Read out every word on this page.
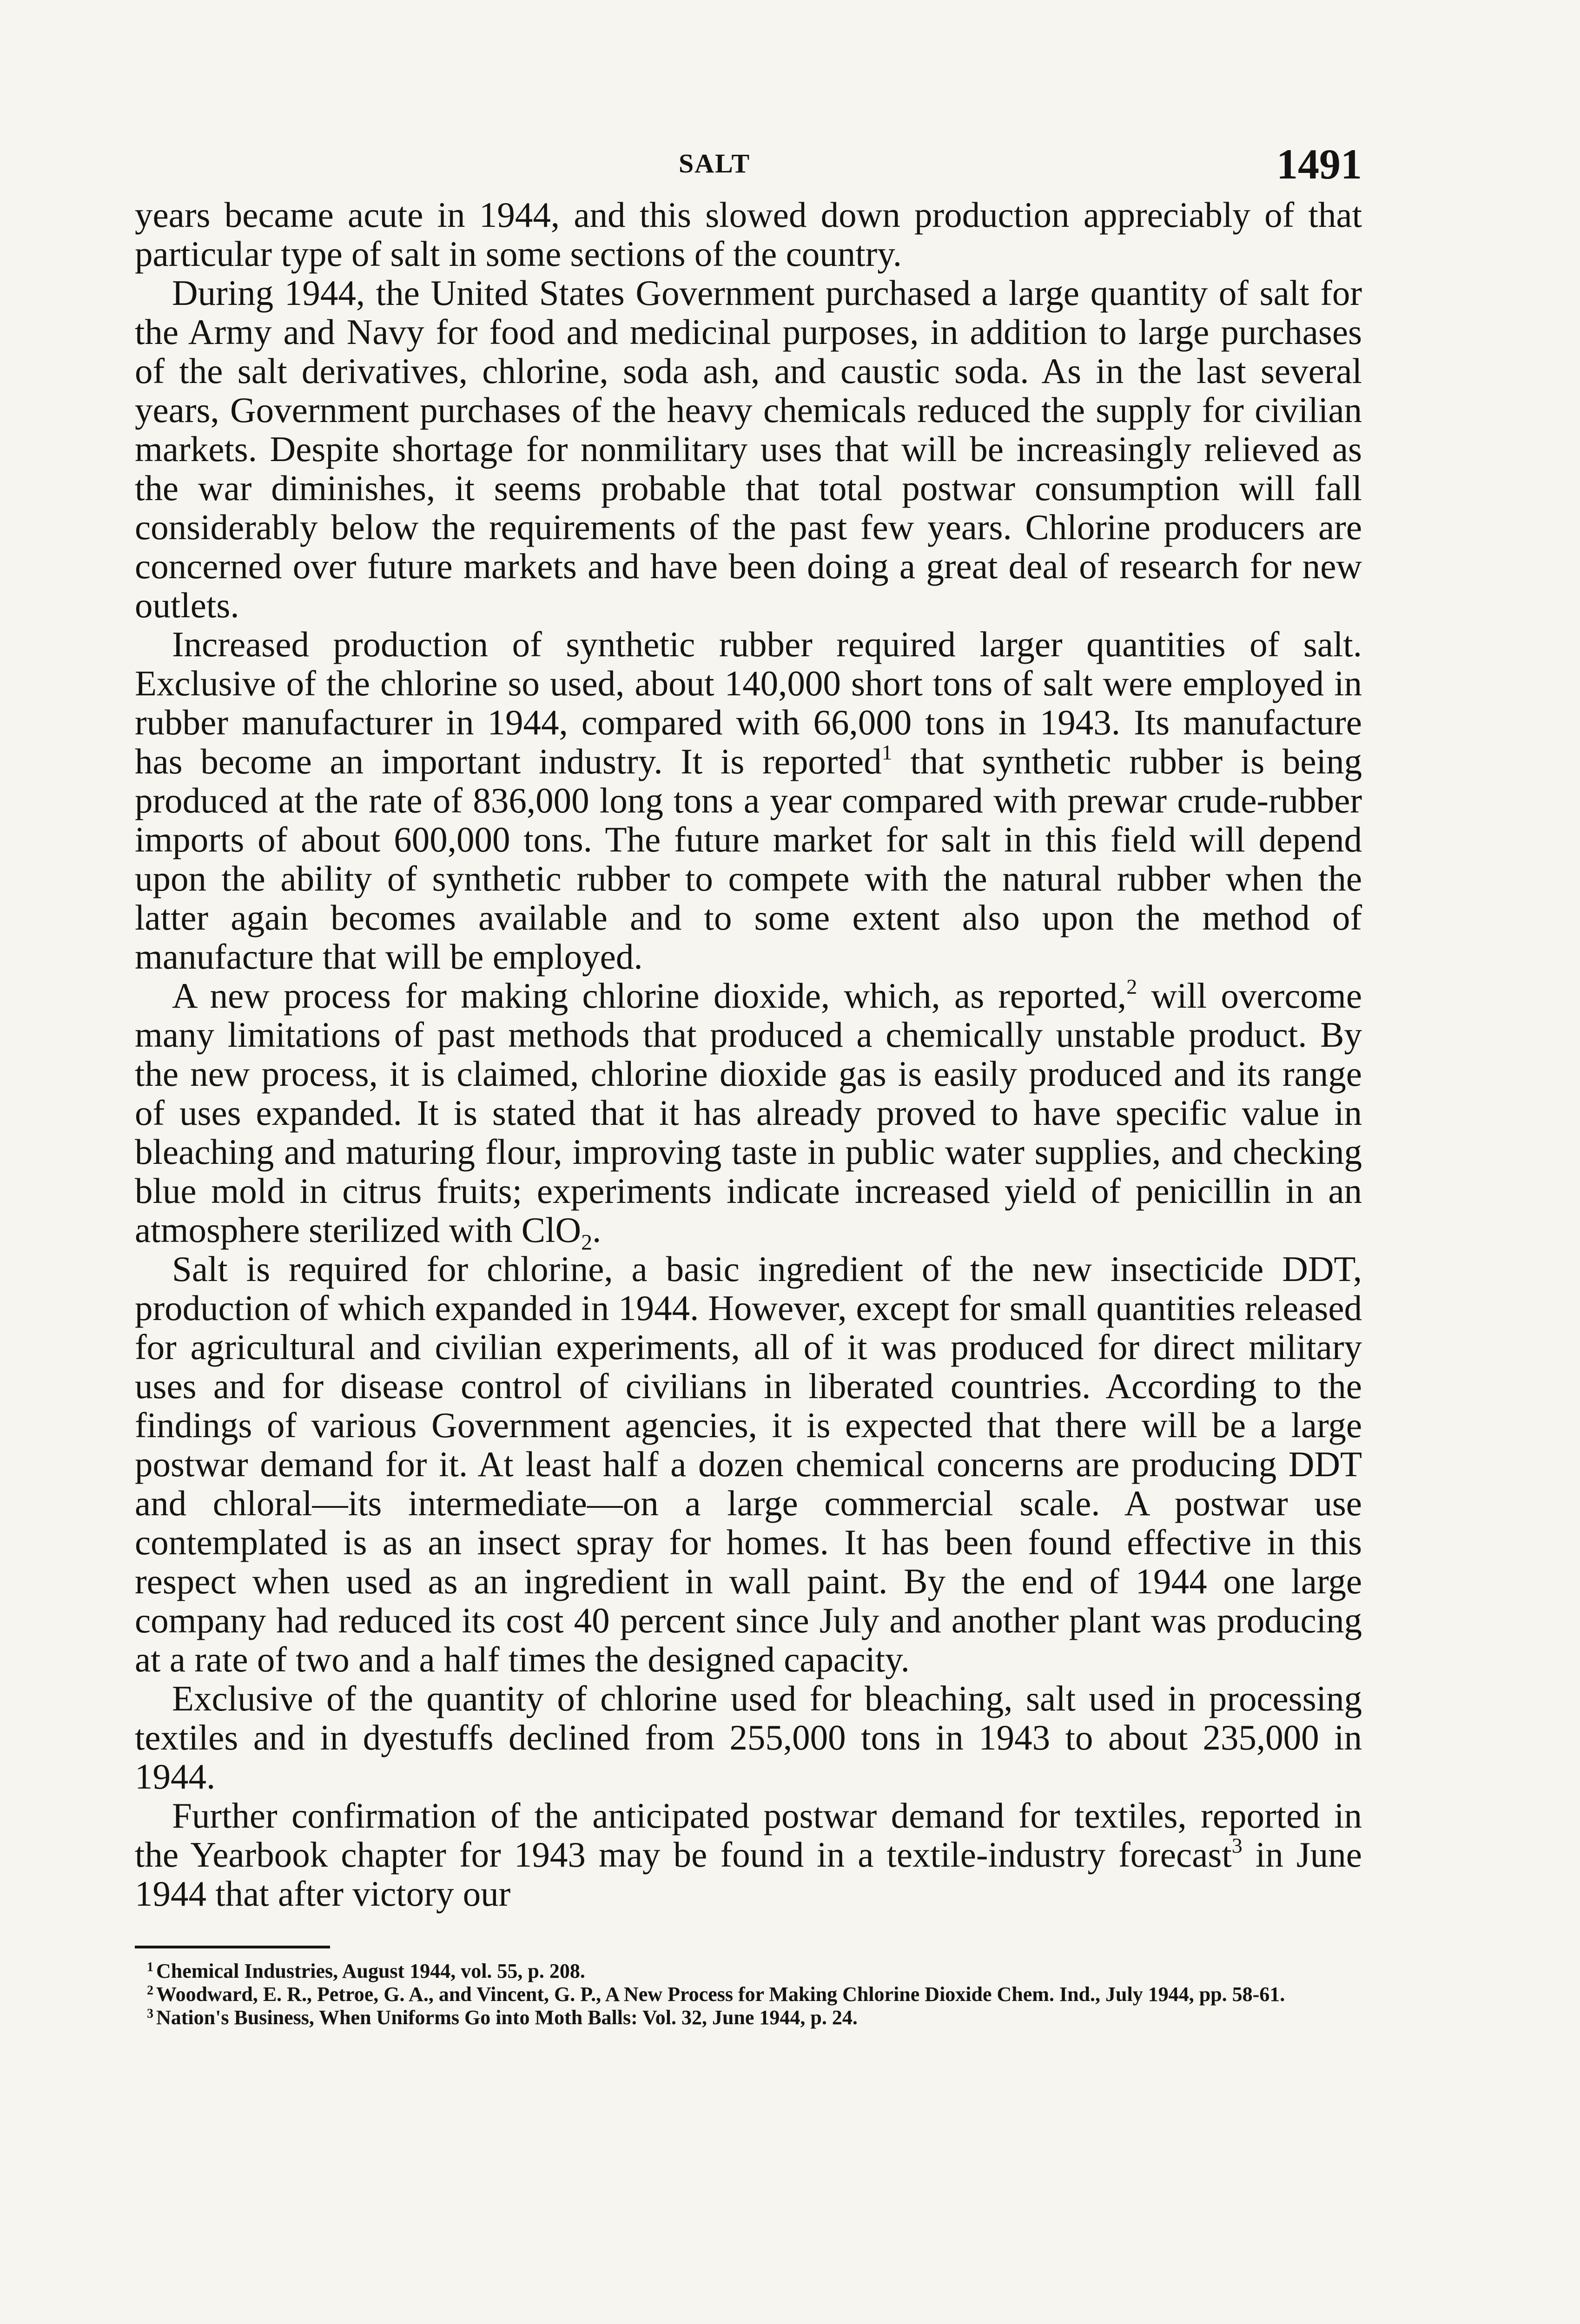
SALT	1491

years became acute in 1944, and this slowed down production appreciably of that particular type of salt in some sections of the country.

During 1944, the United States Government purchased a large quantity of salt for the Army and Navy for food and medicinal purposes, in addition to large purchases of the salt derivatives, chlorine, soda ash, and caustic soda. As in the last several years, Government purchases of the heavy chemicals reduced the supply for civilian markets. Despite shortage for nonmilitary uses that will be increasingly relieved as the war diminishes, it seems probable that total postwar consumption will fall considerably below the requirements of the past few years. Chlorine producers are concerned over future markets and have been doing a great deal of research for new outlets.

Increased production of synthetic rubber required larger quantities of salt. Exclusive of the chlorine so used, about 140,000 short tons of salt were employed in rubber manufacturer in 1944, compared with 66,000 tons in 1943. Its manufacture has become an important industry. It is reported$^1$ that synthetic rubber is being produced at the rate of 836,000 long tons a year compared with prewar crude-rubber imports of about 600,000 tons. The future market for salt in this field will depend upon the ability of synthetic rubber to compete with the natural rubber when the latter again becomes available and to some extent also upon the method of manufacture that will be employed.

A new process for making chlorine dioxide, which, as reported,$^2$ will overcome many limitations of past methods that produced a chemically unstable product. By the new process, it is claimed, chlorine dioxide gas is easily produced and its range of uses expanded. It is stated that it has already proved to have specific value in bleaching and maturing flour, improving taste in public water supplies, and checking blue mold in citrus fruits; experiments indicate increased yield of penicillin in an atmosphere sterilized with ClO$_2$.

Salt is required for chlorine, a basic ingredient of the new insecticide DDT, production of which expanded in 1944. However, except for small quantities released for agricultural and civilian experiments, all of it was produced for direct military uses and for disease control of civilians in liberated countries. According to the findings of various Government agencies, it is expected that there will be a large postwar demand for it. At least half a dozen chemical concerns are producing DDT and chloral—its intermediate—on a large commercial scale. A postwar use contemplated is as an insect spray for homes. It has been found effective in this respect when used as an ingredient in wall paint. By the end of 1944 one large company had reduced its cost 40 percent since July and another plant was producing at a rate of two and a half times the designed capacity.

Exclusive of the quantity of chlorine used for bleaching, salt used in processing textiles and in dyestuffs declined from 255,000 tons in 1943 to about 235,000 in 1944.

Further confirmation of the anticipated postwar demand for textiles, reported in the Yearbook chapter for 1943 may be found in a textile-industry forecast$^3$ in June 1944 that after victory our

$^1$ Chemical Industries, August 1944, vol. 55, p. 208.

$^2$ Woodward, E. R., Petroe, G. A., and Vincent, G. P., A New Process for Making Chlorine Dioxide Chem. Ind., July 1944, pp. 58-61.

$^3$ Nation's Business, When Uniforms Go into Moth Balls: Vol. 32, June 1944, p. 24.
